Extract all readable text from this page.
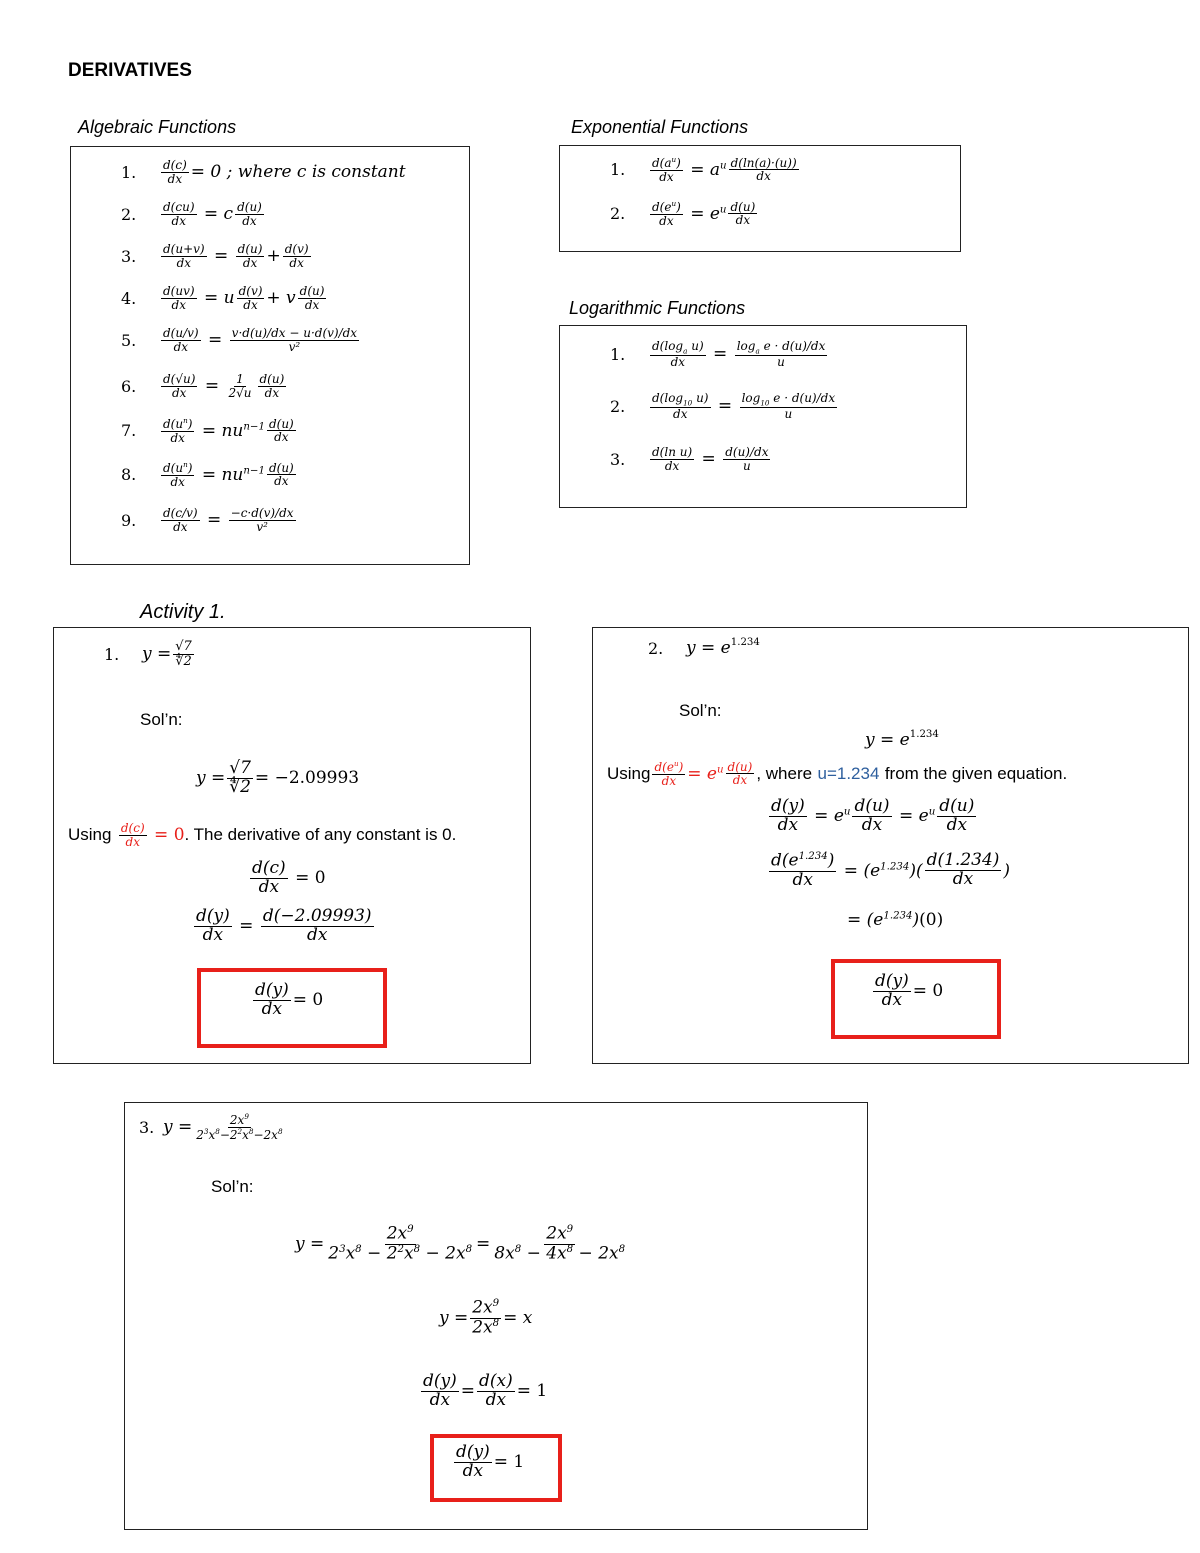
DERIVATIVES
Algebraic Functions
1.	$\frac{d(c)}{dx} = 0$ ; where c is constant
2.	$\frac{d(cu)}{dx} = c \frac{d(u)}{dx}$
3.	$\frac{d(u+v)}{dx} = \frac{d(u)}{dx} + \frac{d(v)}{dx}$
4.	$\frac{d(uv)}{dx} = u \frac{d(v)}{dx} + v \frac{d(u)}{dx}$
5.	$\frac{d(u/v)}{dx} = \frac{v\cdot d(u)/dx - u\cdot d(v)/dx}{\text{v²}}$
6.	$\frac{d(√u)}{dx} = \frac{1}{2√u} \frac{d(u)}{dx}$
7.	$\frac{d(u^n)}{dx} = nu^{n-1} \frac{d(u)}{dx}$
8.	$\frac{d(u^n)}{dx} = nu^{n-1} \frac{d(u)}{dx}$
9.	$\frac{d(c/v)}{dx} = \frac{-c\cdot d(v)/dx}{\text{v²}}$
Exponential Functions
1.	$\frac{d(a^u)}{dx} = a^u \frac{d(\ln(a)\cdot(u))}{dx}$
2.	$\frac{d(e^u)}{dx} = e^u \frac{d(u)}{dx}$
Logarithmic Functions
1.	$\frac{d(\log_a u)}{dx} = \frac{\log_a e \cdot d(u)/dx}{u}$
2.	$\frac{d(\log_{10} u)}{dx} = \frac{\log_{10} e \cdot d(u)/dx}{u}$
3.	$\frac{\text{d(ln u)}}{dx} = \frac{d(u)/dx}{u}$
Activity 1.
1.	$y = \frac{√7}{∜2}$
Sol’n:
$y = \frac{√7}{∜2} = -2.09993$
Using
$\frac{d(c)}{dx} = 0$ . The derivative of any constant is 0.
$\frac{d(c)}{dx} = 0$
$\frac{d(y)}{dx} = \frac{d(-2.09993)}{dx}$
$\frac{d(y)}{dx} = 0$
2.	$y = e^{1.234}$
Sol’n:
$y = e^{1.234}$
Using $\frac{d(e^u)}{dx} = e^u \frac{d(u)}{dx}$ , where
u=1.234
from the given equation.
$\frac{d(y)}{dx} = e^u \frac{d(u)}{dx} = e^u \frac{d(u)}{dx}$
$\frac{d(e^{1.234})}{dx} = (e^{1.234})( \frac{d(1.234)}{dx}$ )
= $(e^{1.234})$ (0)
$\frac{d(y)}{dx} = 0$
3. $y = \frac{2x^9}{2^3x^8-2^2x^8-2x^8}$
Sol’n:
$y = \frac{2x^9}{2^3x^8 - 2^2x^8 - 2x^8} = \frac{2x^9}{8x^8 - 4x^8 - 2x^8}$
$y = \frac{2x^9}{2x^8} = x$
$\frac{d(y)}{dx} = \frac{d(x)}{dx} = 1$
$\frac{d(y)}{dx} = 1$
